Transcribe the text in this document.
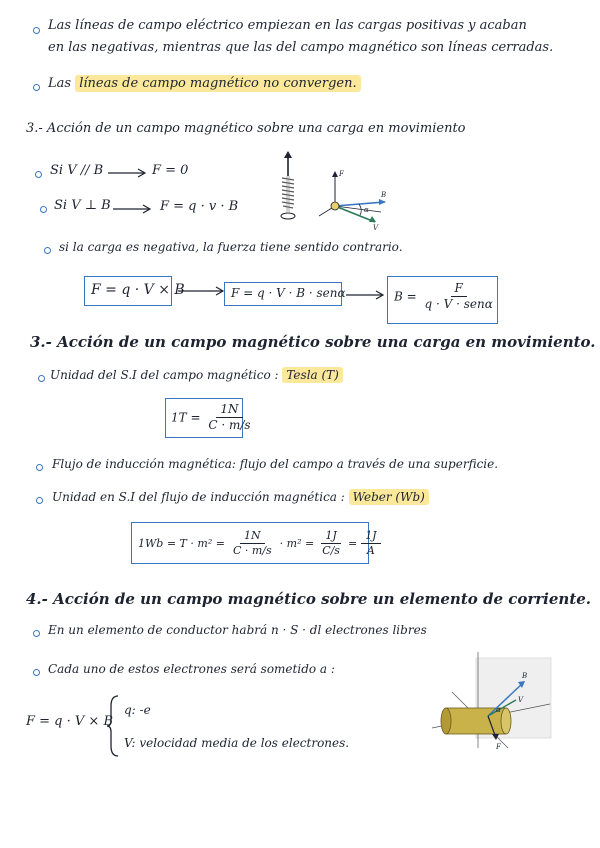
Las líneas de campo eléctrico empiezan en las cargas positivas y acaban
en las negativas, mientras que las del campo magnético son líneas cerradas.
Las líneas de campo magnético no convergen.
3.- Acción de un campo magnético sobre una carga en movimiento
Si V // B	F = 0
Si V ⊥ B	F = q · v · B
F
B
V
α
si la carga es negativa, la fuerza tiene sentido contrario.
F = q · V × B	F = q · V · B · senα	$B = \frac{F}{\text{q · V · senα}}$
3.- Acción de un campo magnético sobre una carga en movimiento.
Unidad del S.I del campo magnético : Tesla (T)
$1T = \frac{1N}{C \cdot m/s}$
Flujo de inducción magnética: flujo del campo a través de una superficie.
Unidad en S.I del flujo de inducción magnética : Weber (Wb)
$1Wb = T \cdot m^2 = \frac{1N}{C \cdot m/s} \cdot m^2 = \frac{1J}{C/s} = \frac{1J}{A}$
4.- Acción de un campo magnético sobre un elemento de corriente.
En un elemento de conductor habrá n · S · dl electrones libres
Cada uno de estos electrones será sometido a :
F = q · V × B
q: -e
V: velocidad media de los electrones.
B
V
F
α
